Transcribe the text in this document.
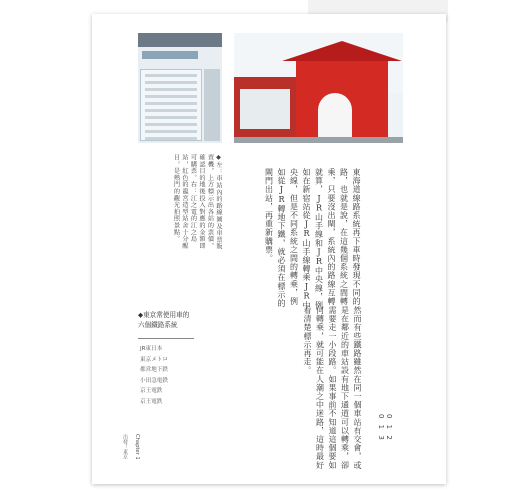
東海道線路系統再下車時發現不同的路，也就是說，在這幾個系統之間轉乘，只要沒出閘，系統內的路線互轉就算，JR山手線和JR中央線，例如在新宿站從JR山手線轉乘JR中央線，但是不同系統之間的轉乘，例如從JR轉地下鐵，就必須在標示的閘門出站，再重新購票。
然而有些鐵路雖然在同一個車站有交會，或是在鄰近的車站設有地下通道可以轉乘，卻需要走一小段路。如果事前不知道這個要如何轉乘，就可能在人潮之中迷路，這時最好看清楚標示再走。
◆左：車站內的路線圖及車票販賣機，上方標示出各站的票價，確認目的地後投入對應的金額即可購票。右：江之電的江之島站，紅色的龍宮造型站舍十分醒目，是熱門的觀光拍照景點。
◆東京常使用車的
六個鐵路系統
JR東日本
東京メトロ
都営地下鉄
小田急電鉄
京王電鉄
京王電鉄
0 1 2
0 1 3
Chapter 1
出發！東京
